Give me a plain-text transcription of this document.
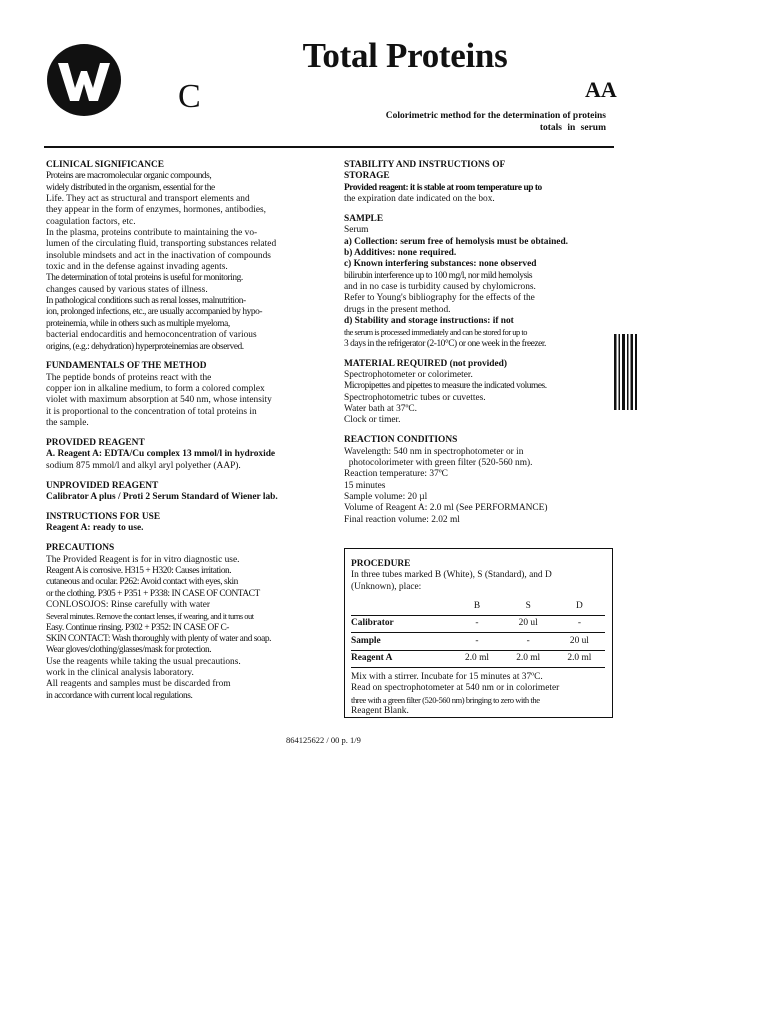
Total Proteins
C	AA
Colorimetric method for the determination of proteins
totals in serum
CLINICAL SIGNIFICANCE
Proteins are macromolecular organic compounds,
widely distributed in the organism, essential for the
Life. They act as structural and transport elements and
they appear in the form of enzymes, hormones, antibodies,
coagulation factors, etc.
In the plasma, proteins contribute to maintaining the vo-
lumen of the circulating fluid, transporting substances related
insoluble mindsets and act in the inactivation of compounds
toxic and in the defense against invading agents.
The determination of total proteins is useful for monitoring.
changes caused by various states of illness.
In pathological conditions such as renal losses, malnutrition-
ion, prolonged infections, etc., are usually accompanied by hypo-
proteinemia, while in others such as multiple myeloma,
bacterial endocarditis and hemoconcentration of various
origins, (e.g.: dehydration) hyperproteinemias are observed.
FUNDAMENTALS OF THE METHOD
The peptide bonds of proteins react with the
copper ion in alkaline medium, to form a colored complex
violet with maximum absorption at 540 nm, whose intensity
it is proportional to the concentration of total proteins in
the sample.
PROVIDED REAGENT
A. Reagent A: EDTA/Cu complex 13 mmol/l in hydroxide
sodium 875 mmol/l and alkyl aryl polyether (AAP).
UNPROVIDED REAGENT
Calibrator A plus / Proti 2 Serum Standard of Wiener lab.
INSTRUCTIONS FOR USE
Reagent A: ready to use.
PRECAUTIONS
The Provided Reagent is for in vitro diagnostic use.
Reagent A is corrosive. H315 + H320: Causes irritation.
cutaneous and ocular. P262: Avoid contact with eyes, skin
or the clothing. P305 + P351 + P338: IN CASE OF CONTACT
CONLOSOJOS: Rinse carefully with water
Several minutes. Remove the contact lenses, if wearing, and it turns out
Easy. Continue rinsing. P302 + P352: IN CASE OF C-
SKIN CONTACT: Wash thoroughly with plenty of water and soap.
Wear gloves/clothing/glasses/mask for protection.
Use the reagents while taking the usual precautions.
work in the clinical analysis laboratory.
All reagents and samples must be discarded from
in accordance with current local regulations.
STABILITY AND INSTRUCTIONS OF
STORAGE
Provided reagent: it is stable at room temperature up to
the expiration date indicated on the box.
SAMPLE
Serum
a) Collection: serum free of hemolysis must be obtained.
b) Additives: none required.
c) Known interfering substances: none observed
bilirubin interference up to 100 mg/l, nor mild hemolysis
and in no case is turbidity caused by chylomicrons.
Refer to Young's bibliography for the effects of the
drugs in the present method.
d) Stability and storage instructions: if not
the serum is processed immediately and can be stored for up to
3 days in the refrigerator (2-10°C) or one week in the freezer.
MATERIAL REQUIRED (not provided)
Spectrophotometer or colorimeter.
Micropipettes and pipettes to measure the indicated volumes.
Spectrophotometric tubes or cuvettes.
Water bath at 37ºC.
Clock or timer.
REACTION CONDITIONS
Wavelength: 540 nm in spectrophotometer or in
photocolorimeter with green filter (520-560 nm).
Reaction temperature: 37ºC
15 minutes
Sample volume: 20 µl
Volume of Reagent A: 2.0 ml (See PERFORMANCE)
Final reaction volume: 2.02 ml
PROCEDURE
In three tubes marked B (White), S (Standard), and D
(Unknown), place:
	B	S	D
Calibrator	-	20 ul	-
Sample	-	-	20 ul
Reagent A	2.0 ml	2.0 ml	2.0 ml
Mix with a stirrer. Incubate for 15 minutes at 37ºC.
Read on spectrophotometer at 540 nm or in colorimeter
three with a green filter (520-560 nm) bringing to zero with the
Reagent Blank.
864125622 / 00 p. 1/9
